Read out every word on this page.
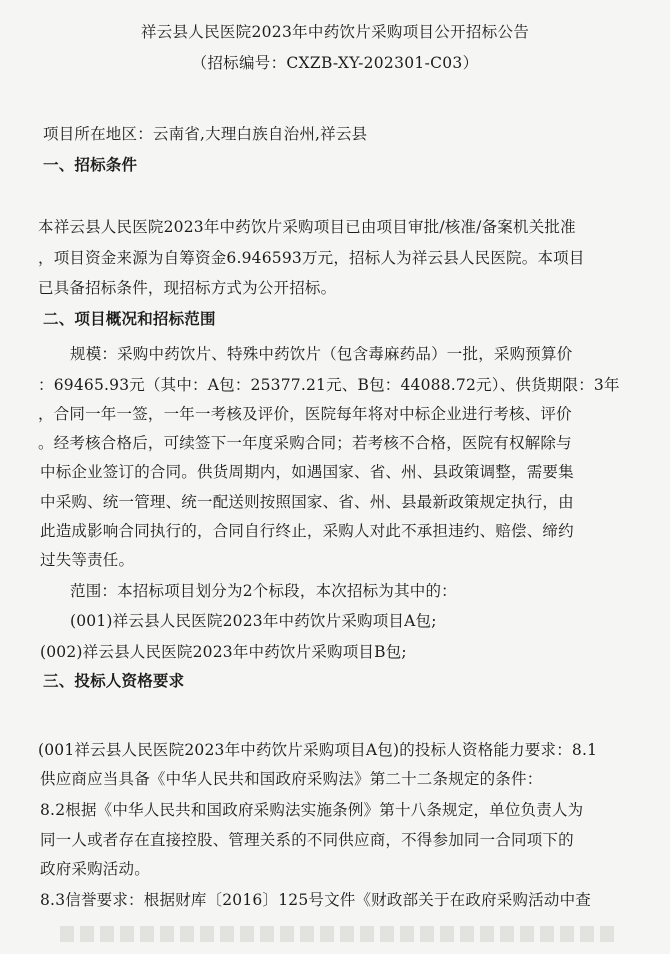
祥云县人民医院2023年中药饮片采购项目公开招标公告
（招标编号：CXZB-XY-202301-C03）
项目所在地区：云南省,大理白族自治州,祥云县
一、招标条件
本祥云县人民医院2023年中药饮片采购项目已由项目审批/核准/备案机关批准
，项目资金来源为自筹资金6.946593万元，招标人为祥云县人民医院。本项目
已具备招标条件，现招标方式为公开招标。
二、项目概况和招标范围
规模：采购中药饮片、特殊中药饮片（包含毒麻药品）一批，采购预算价
：69465.93元（其中：A包：25377.21元、B包：44088.72元）、供货期限：3年
，合同一年一签，一年一考核及评价，医院每年将对中标企业进行考核、评价
。经考核合格后，可续签下一年度采购合同；若考核不合格，医院有权解除与
中标企业签订的合同。供货周期内，如遇国家、省、州、县政策调整，需要集
中采购、统一管理、统一配送则按照国家、省、州、县最新政策规定执行，由
此造成影响合同执行的，合同自行终止，采购人对此不承担违约、赔偿、缔约
过失等责任。
范围：本招标项目划分为2个标段，本次招标为其中的：
(001)祥云县人民医院2023年中药饮片采购项目A包;
(002)祥云县人民医院2023年中药饮片采购项目B包;
三、投标人资格要求
(001祥云县人民医院2023年中药饮片采购项目A包)的投标人资格能力要求：8.1
供应商应当具备《中华人民共和国政府采购法》第二十二条规定的条件：
8.2根据《中华人民共和国政府采购法实施条例》第十八条规定，单位负责人为
同一人或者存在直接控股、管理关系的不同供应商，不得参加同一合同项下的
政府采购活动。
8.3信誉要求：根据财库〔2016〕125号文件《财政部关于在政府采购活动中查
